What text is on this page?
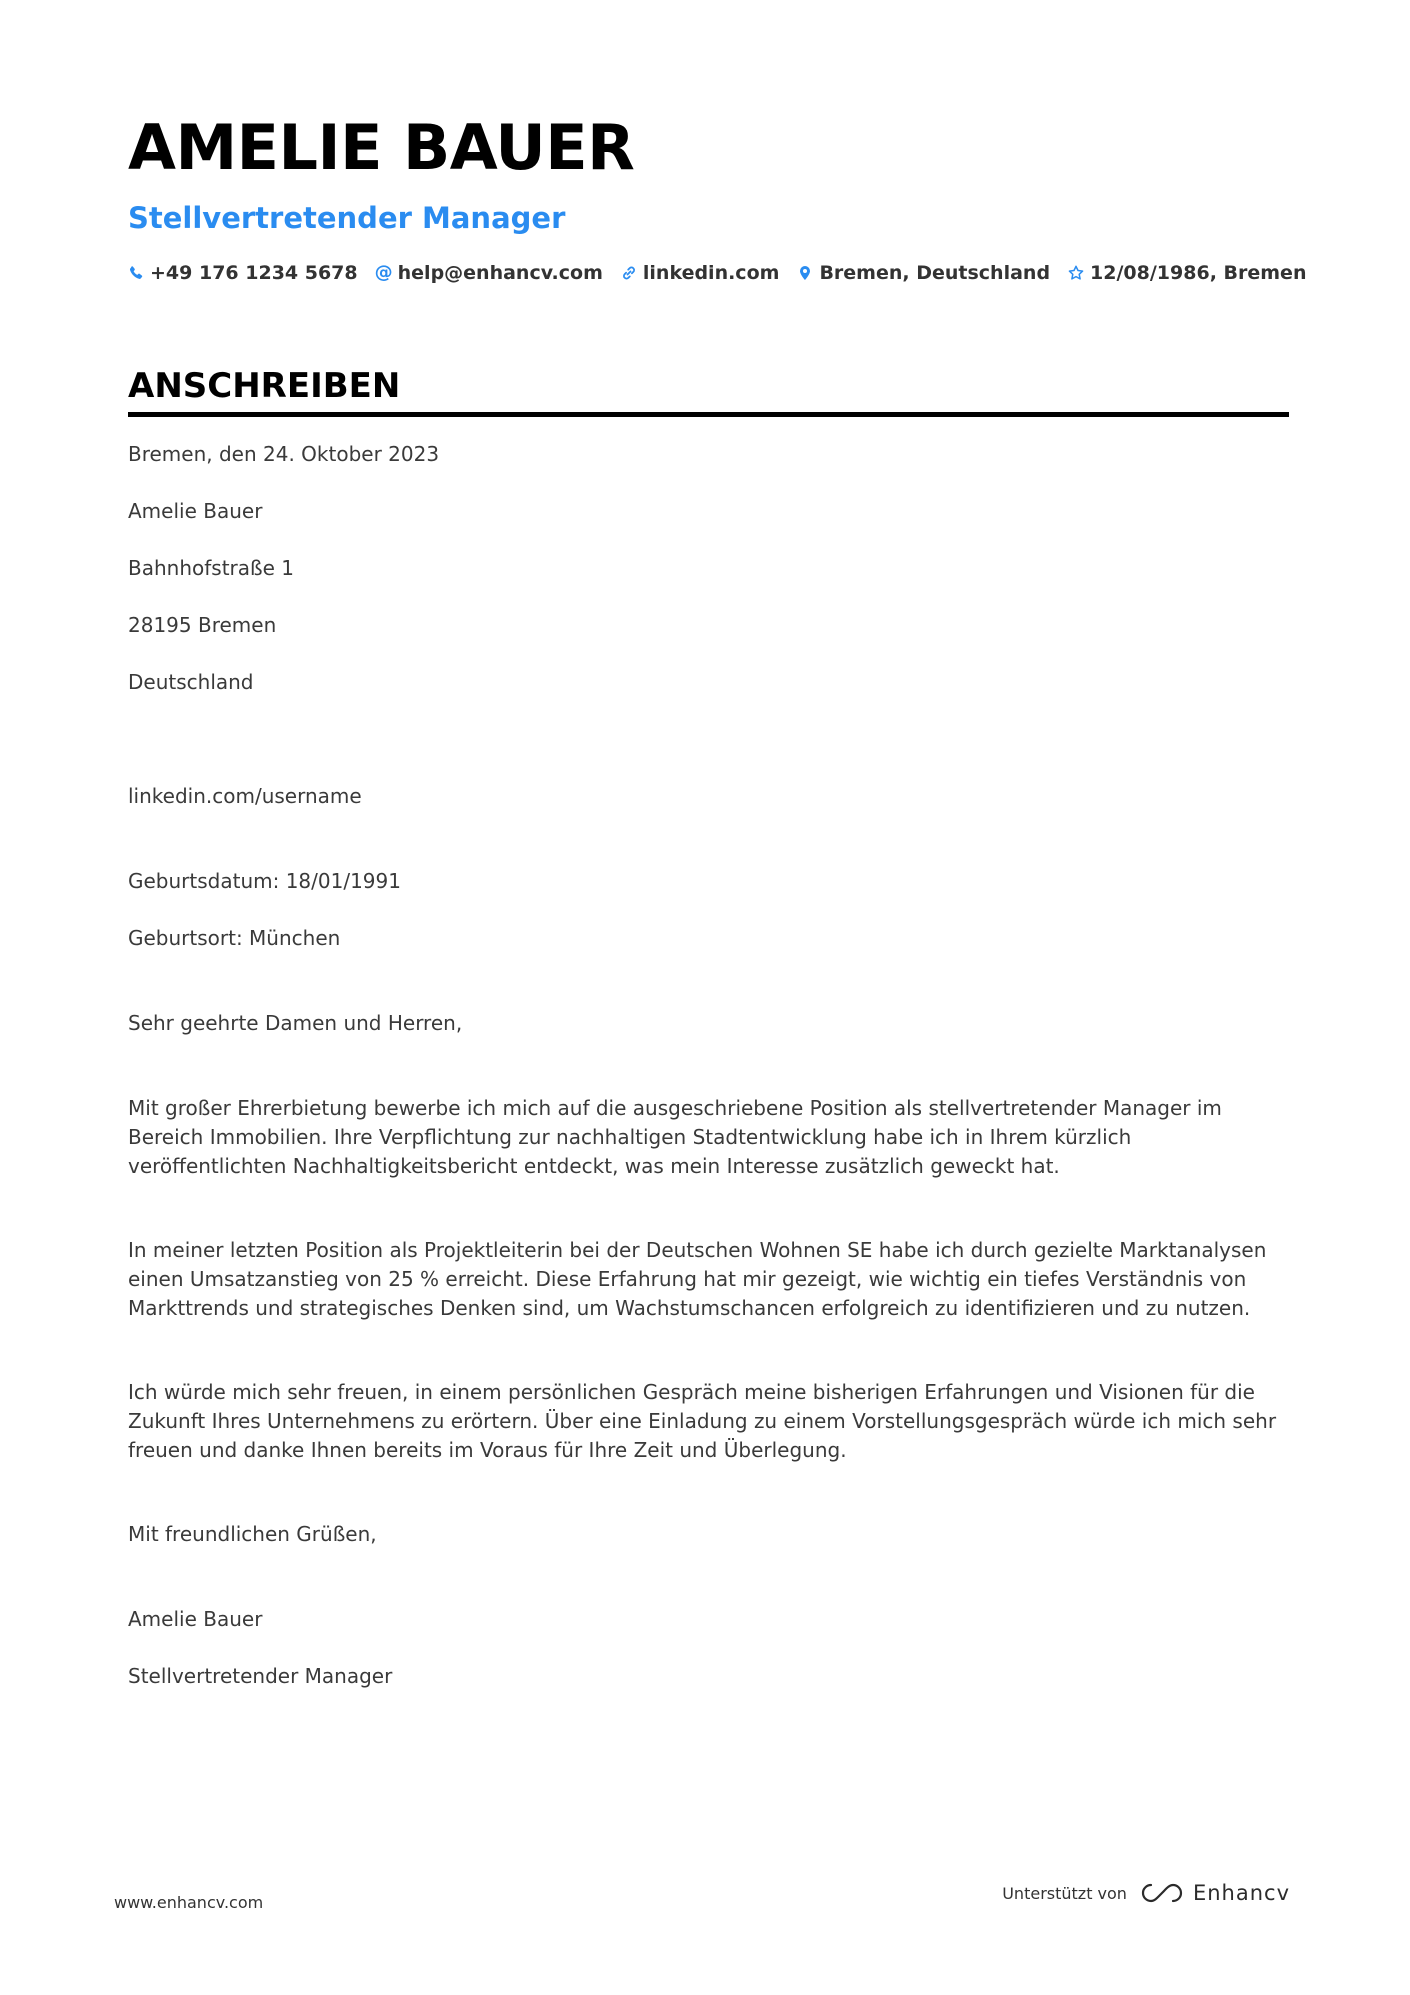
AMELIE BAUER
Stellvertretender Manager
+49 176 1234 5678 @ help@enhancv.com linkedin.com Bremen, Deutschland 12/08/1986, Bremen
ANSCHREIBEN

Bremen, den 24. Oktober 2023

Amelie Bauer

Bahnhofstraße 1

28195 Bremen

Deutschland

linkedin.com/username

Geburtsdatum: 18/01/1991

Geburtsort: München

Sehr geehrte Damen und Herren,

Mit großer Ehrerbietung bewerbe ich mich auf die ausgeschriebene Position als stellvertretender Manager im Bereich Immobilien. Ihre Verpflichtung zur nachhaltigen Stadtentwicklung habe ich in Ihrem kürzlich veröffentlichten Nachhaltigkeitsbericht entdeckt, was mein Interesse zusätzlich geweckt hat.

In meiner letzten Position als Projektleiterin bei der Deutschen Wohnen SE habe ich durch gezielte Marktanalysen einen Umsatzanstieg von 25 % erreicht. Diese Erfahrung hat mir gezeigt, wie wichtig ein tiefes Verständnis von Markttrends und strategisches Denken sind, um Wachstumschancen erfolgreich zu identifizieren und zu nutzen.

Ich würde mich sehr freuen, in einem persönlichen Gespräch meine bisherigen Erfahrungen und Visionen für die Zukunft Ihres Unternehmens zu erörtern. Über eine Einladung zu einem Vorstellungsgespräch würde ich mich sehr freuen und danke Ihnen bereits im Voraus für Ihre Zeit und Überlegung.

Mit freundlichen Grüßen,

Amelie Bauer

Stellvertretender Manager

www.enhancv.com	Unterstützt von	Enhancv
